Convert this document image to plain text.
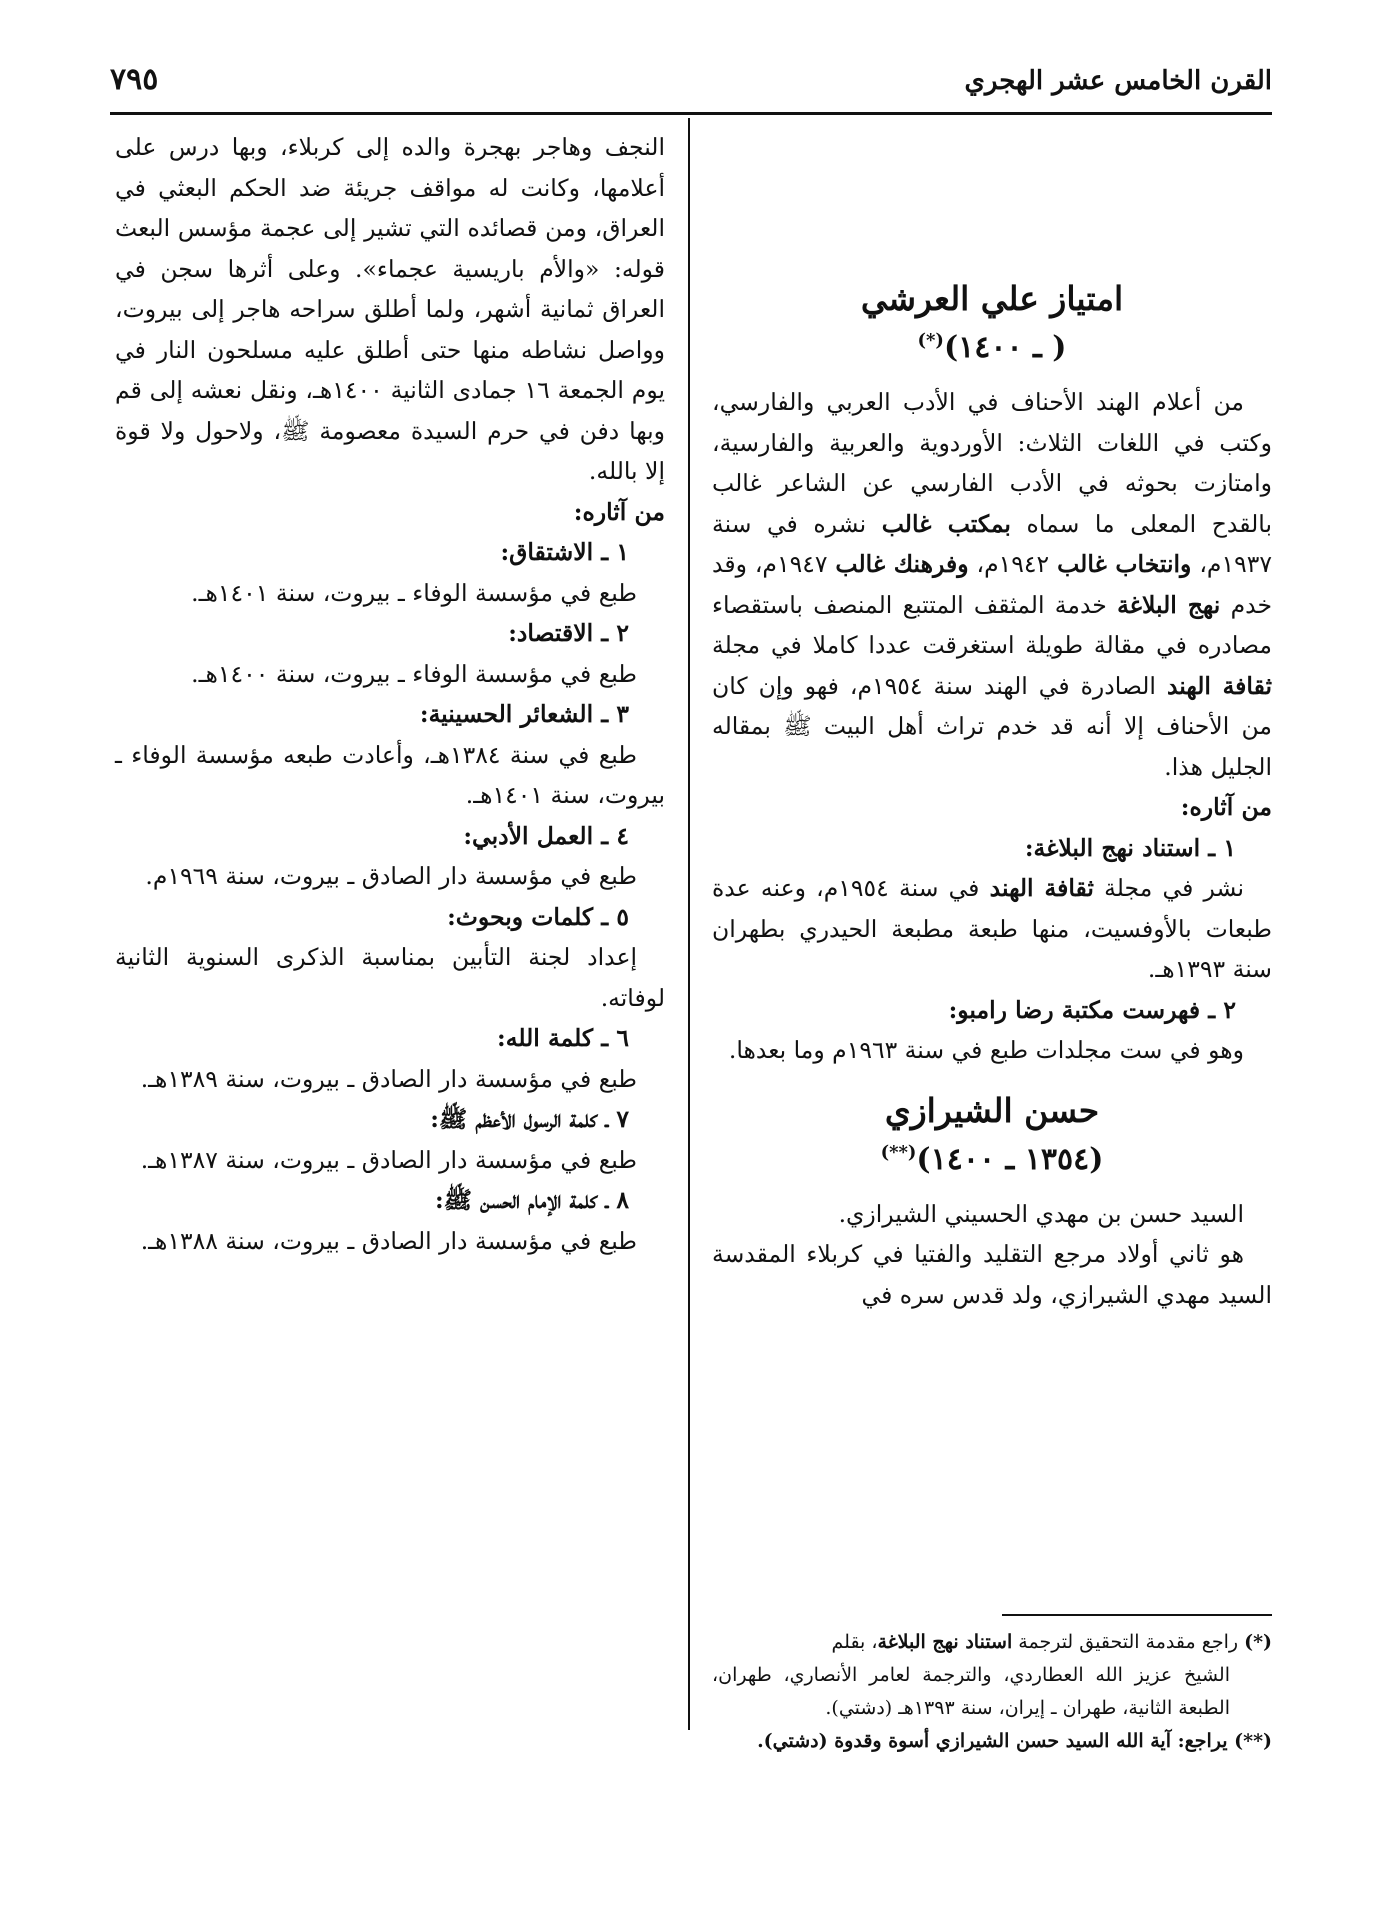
القرن الخامس عشر الهجري
٧٩٥
امتياز علي العرشي
( ـ ١٤٠٠)(*)

من أعلام الهند الأحناف في الأدب العربي والفارسي، وكتب في اللغات الثلاث: الأوردوية والعربية والفارسية، وامتازت بحوثه في الأدب الفارسي عن الشاعر غالب بالقدح المعلى ما سماه بمكتب غالب نشره في سنة ١٩٣٧م، وانتخاب غالب ١٩٤٢م، وفرهنك غالب ١٩٤٧م، وقد خدم نهج البلاغة خدمة المثقف المتتبع المنصف باستقصاء مصادره في مقالة طويلة استغرقت عددا كاملا في مجلة ثقافة الهند الصادرة في الهند سنة ١٩٥٤م، فهو وإن كان من الأحناف إلا أنه قد خدم تراث أهل البيت ﷺ بمقاله الجليل هذا.

من آثاره:

١ ـ استناد نهج البلاغة:

نشر في مجلة ثقافة الهند في سنة ١٩٥٤م، وعنه عدة طبعات بالأوفسيت، منها طبعة مطبعة الحيدري بطهران سنة ١٣٩٣هـ.

٢ ـ فهرست مكتبة رضا رامبو:

وهو في ست مجلدات طبع في سنة ١٩٦٣م وما بعدها.

حسن الشيرازي
(١٣٥٤ ـ ١٤٠٠)(**)

السيد حسن بن مهدي الحسيني الشيرازي.

هو ثاني أولاد مرجع التقليد والفتيا في كربلاء المقدسة السيد مهدي الشيرازي، ولد قدس سره في

النجف وهاجر بهجرة والده إلى كربلاء، وبها درس على أعلامها، وكانت له مواقف جريئة ضد الحكم البعثي في العراق، ومن قصائده التي تشير إلى عجمة مؤسس البعث قوله: «والأم باريسية عجماء». وعلى أثرها سجن في العراق ثمانية أشهر، ولما أطلق سراحه هاجر إلى بيروت، وواصل نشاطه منها حتى أطلق عليه مسلحون النار في يوم الجمعة ١٦ جمادى الثانية ١٤٠٠هـ، ونقل نعشه إلى قم وبها دفن في حرم السيدة معصومة ﷺ، ولاحول ولا قوة إلا بالله.

من آثاره:

١ ـ الاشتقاق:

طبع في مؤسسة الوفاء ـ بيروت، سنة ١٤٠١هـ.

٢ ـ الاقتصاد:

طبع في مؤسسة الوفاء ـ بيروت، سنة ١٤٠٠هـ.

٣ ـ الشعائر الحسينية:

طبع في سنة ١٣٨٤هـ، وأعادت طبعه مؤسسة الوفاء ـ بيروت، سنة ١٤٠١هـ.

٤ ـ العمل الأدبي:

طبع في مؤسسة دار الصادق ـ بيروت، سنة ١٩٦٩م.

٥ ـ كلمات وبحوث:

إعداد لجنة التأبين بمناسبة الذكرى السنوية الثانية لوفاته.

٦ ـ كلمة الله:

طبع في مؤسسة دار الصادق ـ بيروت، سنة ١٣٨٩هـ.

٧ ـ كلمة الرسول الأعظم ﷺ:

طبع في مؤسسة دار الصادق ـ بيروت، سنة ١٣٨٧هـ.

٨ ـ كلمة الإمام الحسن ﷺ:

طبع في مؤسسة دار الصادق ـ بيروت، سنة ١٣٨٨هـ.

(*) راجع مقدمة التحقيق لترجمة استناد نهج البلاغة، بقلم

الشيخ عزيز الله العطاردي، والترجمة لعامر الأنصاري، طهران، الطبعة الثانية، طهران ـ إيران، سنة ١٣٩٣هـ (دشتي).

(**) يراجع: آية الله السيد حسن الشيرازي أسوة وقدوة (دشتي).
